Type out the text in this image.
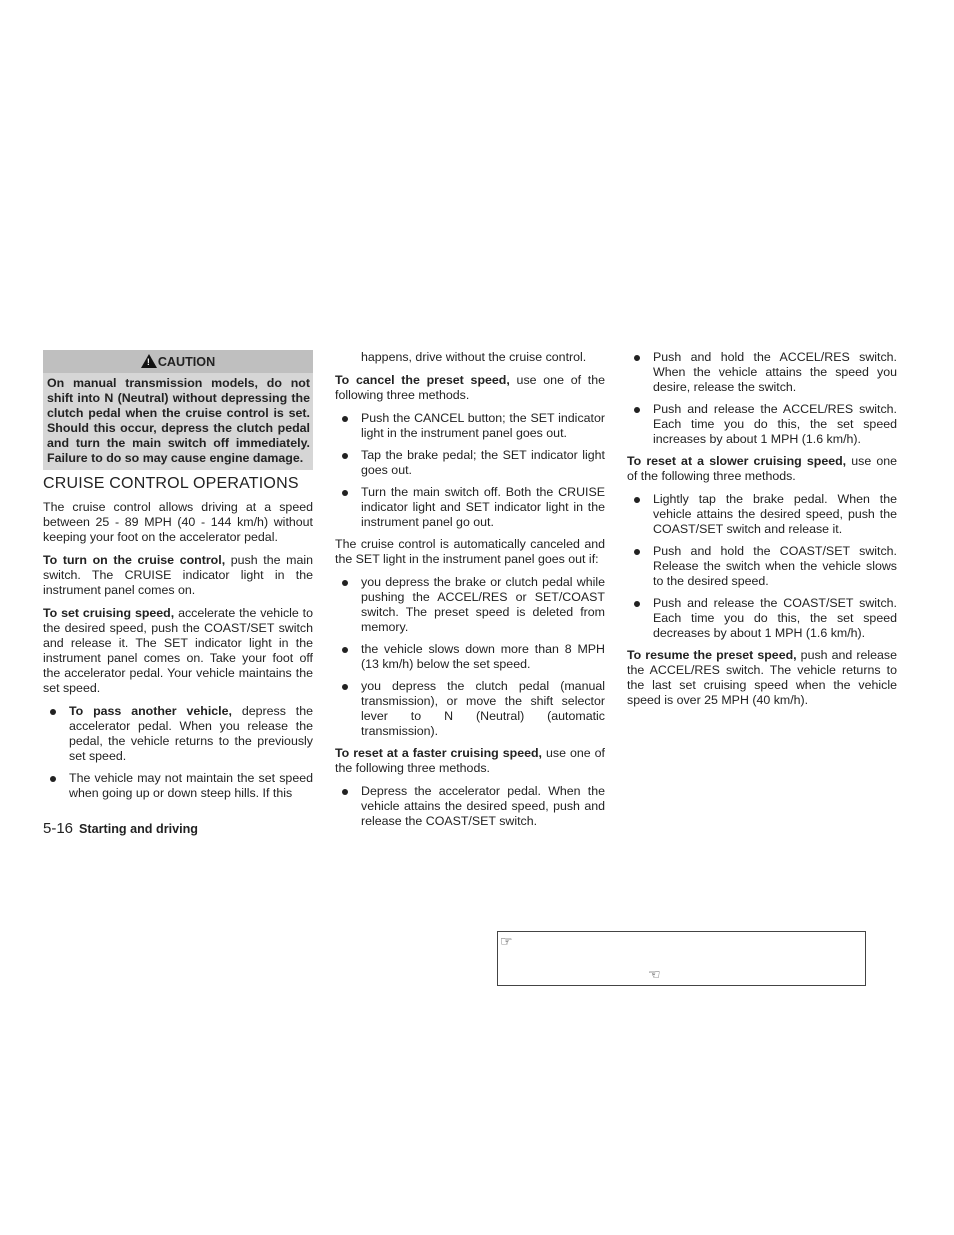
! CAUTION
On manual transmission models, do not shift into N (Neutral) without depressing the clutch pedal when the cruise control is set. Should this occur, depress the clutch pedal and turn the main switch off immediately. Failure to do so may cause engine damage.
CRUISE CONTROL OPERATIONS

The cruise control allows driving at a speed between 25 - 89 MPH (40 - 144 km/h) without keeping your foot on the accelerator pedal.

To turn on the cruise control, push the main switch. The CRUISE indicator light in the instrument panel comes on.

To set cruising speed, accelerate the vehicle to the desired speed, push the COAST/SET switch and release it. The SET indicator light in the instrument panel comes on. Take your foot off the accelerator pedal. Your vehicle maintains the set speed.

To pass another vehicle, depress the accelerator pedal. When you release the pedal, the vehicle returns to the previously set speed.
The vehicle may not maintain the set speed when going up or down steep hills. If this
happens, drive without the cruise control.

To cancel the preset speed, use one of the following three methods.

Push the CANCEL button; the SET indicator light in the instrument panel goes out.
Tap the brake pedal; the SET indicator light goes out.
Turn the main switch off. Both the CRUISE indicator light and SET indicator light in the instrument panel go out.

The cruise control is automatically canceled and the SET light in the instrument panel goes out if:

you depress the brake or clutch pedal while pushing the ACCEL/RES or SET/COAST switch. The preset speed is deleted from memory.
the vehicle slows down more than 8 MPH (13 km/h) below the set speed.
you depress the clutch pedal (manual transmission), or move the shift selector lever to N (Neutral) (automatic transmission).

To reset at a faster cruising speed, use one of the following three methods.

Depress the accelerator pedal. When the vehicle attains the desired speed, push and release the COAST/SET switch.
Push and hold the ACCEL/RES switch. When the vehicle attains the speed you desire, release the switch.
Push and release the ACCEL/RES switch. Each time you do this, the set speed increases by about 1 MPH (1.6 km/h).

To reset at a slower cruising speed, use one of the following three methods.

Lightly tap the brake pedal. When the vehicle attains the desired speed, push the COAST/SET switch and release it.
Push and hold the COAST/SET switch. Release the switch when the vehicle slows to the desired speed.
Push and release the COAST/SET switch. Each time you do this, the set speed decreases by about 1 MPH (1.6 km/h).

To resume the preset speed, push and release the ACCEL/RES switch. The vehicle returns to the last set cruising speed when the vehicle speed is over 25 MPH (40 km/h).

5-16 Starting and driving
☞
☜
